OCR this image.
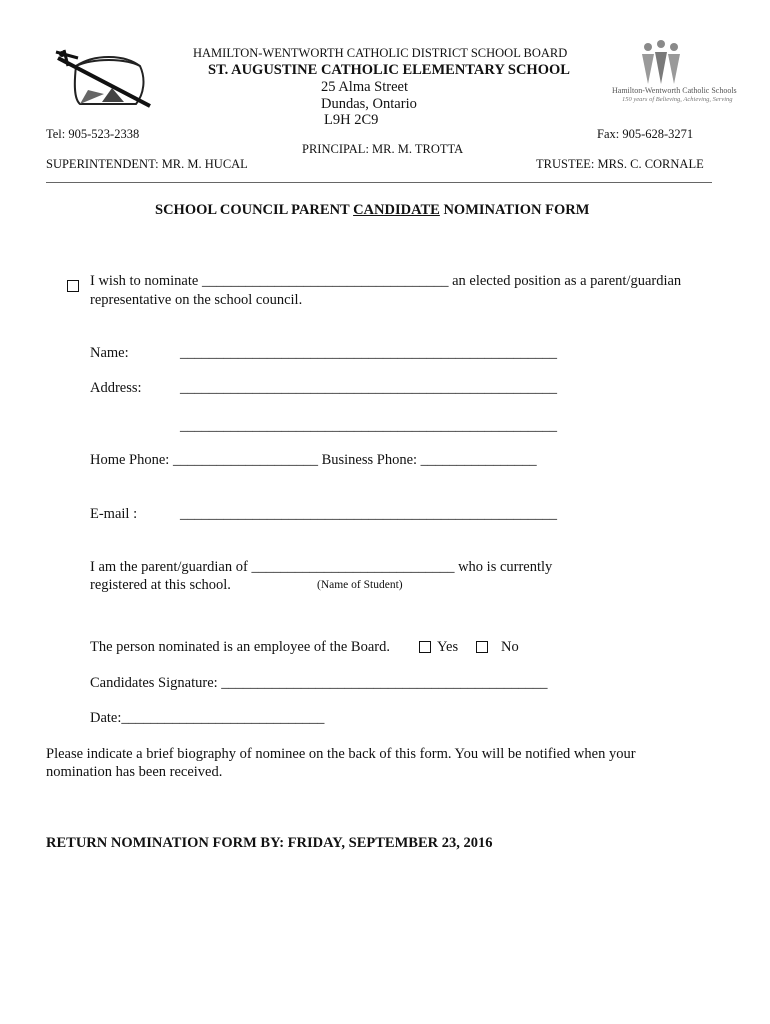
Hamilton-Wentworth Catholic Schools
150 years of Believing, Achieving, Serving
HAMILTON-WENTWORTH CATHOLIC DISTRICT SCHOOL BOARD
ST. AUGUSTINE CATHOLIC ELEMENTARY SCHOOL
25 Alma Street
Dundas, Ontario
L9H 2C9
Tel: 905-523-2338	Fax: 905-628-3271
PRINCIPAL: MR. M. TROTTA
SUPERINTENDENT: MR. M. HUCAL	TRUSTEE: MRS. C. CORNALE
SCHOOL COUNCIL PARENT CANDIDATE NOMINATION FORM
I wish to nominate __________________________________ an elected position as a parent/guardian
representative on the school council.
Name:	____________________________________________________
Address:	____________________________________________________
____________________________________________________
Home Phone: ____________________ Business Phone: ________________
E-mail :	____________________________________________________
I am the parent/guardian of ____________________________ who is currently
registered at this school.	(Name of Student)
The person nominated is an employee of the Board.	Yes	No
Candidates Signature: _____________________________________________
Date:____________________________
Please indicate a brief biography of nominee on the back of this form. You will be notified when your
nomination has been received.
RETURN NOMINATION FORM BY: FRIDAY, SEPTEMBER 23, 2016
